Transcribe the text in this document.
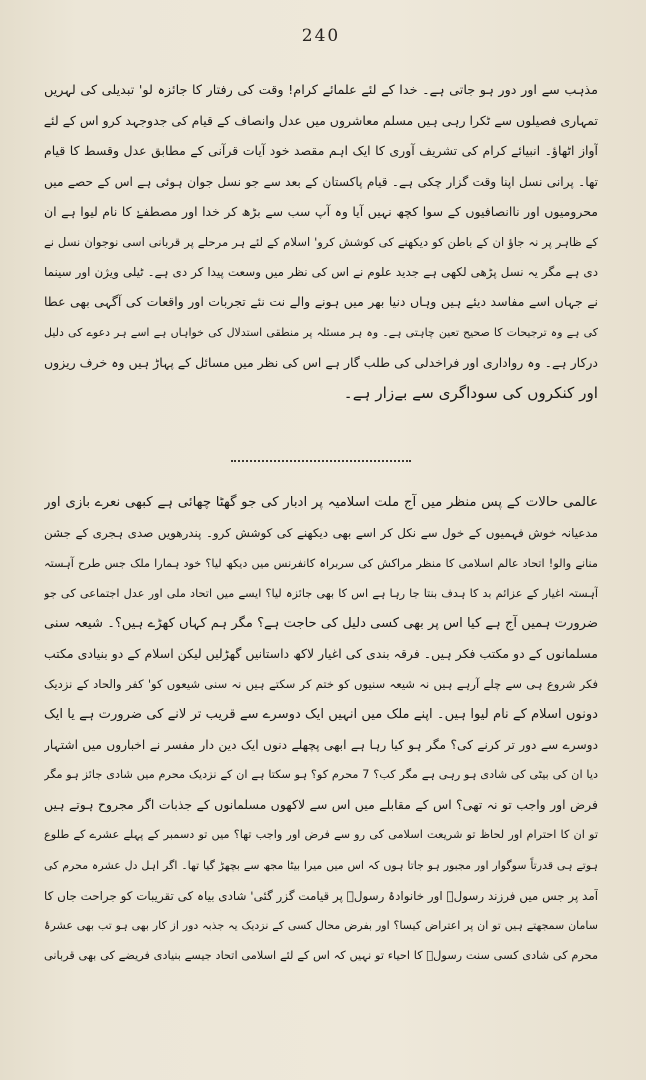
240
مذہب سے اور دور ہو جاتی ہے۔ خدا کے لئے علمائے کرام! وقت کی رفتار کا جائزہ لو' تبدیلی کی لہریں
تمہاری فصیلوں سے ٹکرا رہی ہیں مسلم معاشروں میں عدل وانصاف کے قیام کی جدوجہد کرو اس کے لئے
آواز اٹھاؤ۔ انبیائے کرام کی تشریف آوری کا ایک اہم مقصد خود آیات قرآنی کے مطابق عدل وقسط کا قیام
تھا۔ پرانی نسل اپنا وقت گزار چکی ہے۔ قیام پاکستان کے بعد سے جو نسل جوان ہوئی ہے اس کے حصے میں
محرومیوں اور ناانصافیوں کے سوا کچھ نہیں آیا وہ آپ سب سے بڑھ کر خدا اور مصطفےٰ کا نام لیوا ہے ان
کے ظاہر پر نہ جاؤ ان کے باطن کو دیکھنے کی کوشش کرو' اسلام کے لئے ہر مرحلے پر قربانی اسی نوجوان نسل نے
دی ہے مگر یہ نسل پڑھی لکھی ہے جدید علوم نے اس کی نظر میں وسعت پیدا کر دی ہے۔ ٹیلی ویژن اور سینما
نے جہاں اسے مفاسد دیئے ہیں وہاں دنیا بھر میں ہونے والے نت نئے تجربات اور واقعات کی آگہی بھی عطا
کی ہے وہ ترجیحات کا صحیح تعین چاہتی ہے۔ وہ ہر مسئلہ پر منطقی استدلال کی خواہاں ہے اسے ہر دعوے کی دلیل
درکار ہے۔ وہ رواداری اور فراخدلی کی طلب گار ہے اس کی نظر میں مسائل کے پہاڑ ہیں وہ خرف ریزوں
اور کنکروں کی سوداگری سے بےزار ہے۔
عالمی حالات کے پس منظر میں آج ملت اسلامیہ پر ادبار کی جو گھٹا چھائی ہے کبھی نعرے بازی اور
مدعیانہ خوش فہمیوں کے خول سے نکل کر اسے بھی دیکھنے کی کوشش کرو۔ پندرھویں صدی ہجری کے جشن
منانے والو! اتحاد عالم اسلامی کا منظر مراکش کی سربراہ کانفرنس میں دیکھ لیا؟ خود ہمارا ملک جس طرح آہستہ
آہستہ اغیار کے عزائم بد کا ہدف بنتا جا رہا ہے اس کا بھی جائزہ لیا؟ ایسے میں اتحاد ملی اور عدل اجتماعی کی جو
ضرورت ہمیں آج ہے کیا اس پر بھی کسی دلیل کی حاجت ہے؟ مگر ہم کہاں کھڑے ہیں؟۔ شیعہ سنی
مسلمانوں کے دو مکتب فکر ہیں۔ فرقہ بندی کی اغیار لاکھ داستانیں گھڑلیں لیکن اسلام کے دو بنیادی مکتب
فکر شروع ہی سے چلے آرہے ہیں نہ شیعہ سنیوں کو ختم کر سکتے ہیں نہ سنی شیعوں کو' کفر والحاد کے نزدیک
دونوں اسلام کے نام لیوا ہیں۔ اپنے ملک میں انہیں ایک دوسرے سے قریب تر لانے کی ضرورت ہے یا ایک
دوسرے سے دور تر کرنے کی؟ مگر ہو کیا رہا ہے ابھی پچھلے دنوں ایک دین دار مفسر نے اخباروں میں اشتہار
دیا ان کی بیٹی کی شادی ہو رہی ہے مگر کب؟ 7 محرم کو؟ ہو سکتا ہے ان کے نزدیک محرم میں شادی جائز ہو مگر
فرض اور واجب تو نہ تھی؟ اس کے مقابلے میں اس سے لاکھوں مسلمانوں کے جذبات اگر مجروح ہوتے ہیں
تو ان کا احترام اور لحاظ تو شریعت اسلامی کی رو سے فرض اور واجب تھا؟ میں تو دسمبر کے پہلے عشرے کے طلوع
ہوتے ہی قدرتاً سوگوار اور مجبور ہو جاتا ہوں کہ اس میں میرا بیٹا مجھ سے بچھڑ گیا تھا۔ اگر اہل دل عشرہ محرم کی
آمد پر جس میں فرزند رسولؐ اور خانوادۂ رسولؐ پر قیامت گزر گئی' شادی بیاہ کی تقریبات کو جراحت جاں کا
سامان سمجھتے ہیں تو ان پر اعتراض کیسا؟ اور بفرض محال کسی کے نزدیک یہ جذبہ دور از کار بھی ہو تب بھی عشرۂ
محرم کی شادی کسی سنت رسولؐ کا احیاء تو نہیں کہ اس کے لئے اسلامی اتحاد جیسے بنیادی فریضے کی بھی قربانی
